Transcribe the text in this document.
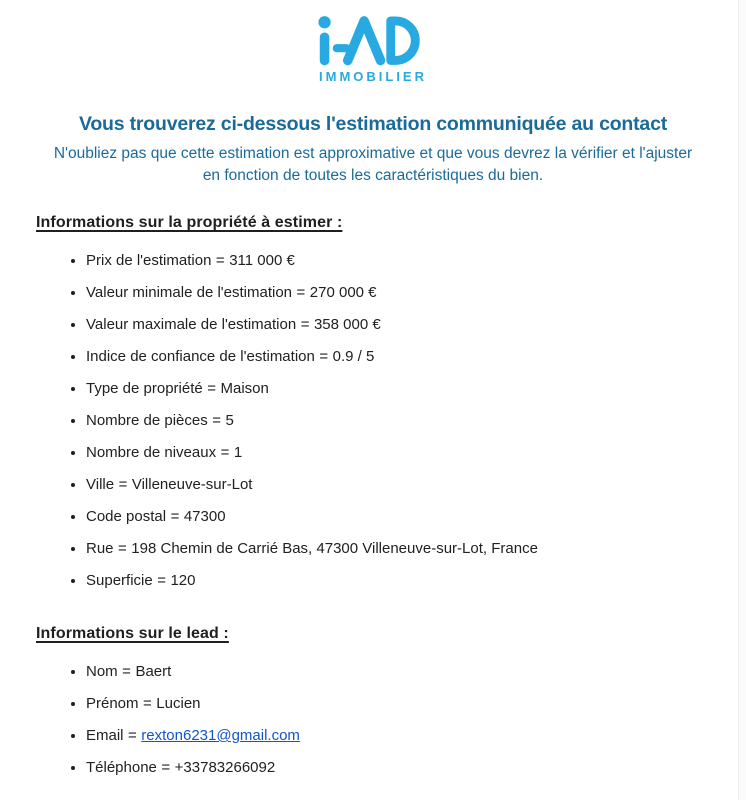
IMMOBILIER
Vous trouverez ci-dessous l'estimation communiquée au contact

N'oubliez pas que cette estimation est approximative et que vous devrez la vérifier et l'ajuster
en fonction de toutes les caractéristiques du bien.

Informations sur la propriété à estimer :
• Prix de l'estimation = 311 000 €
• Valeur minimale de l'estimation = 270 000 €
• Valeur maximale de l'estimation = 358 000 €
• Indice de confiance de l'estimation = 0.9 / 5
• Type de propriété = Maison
• Nombre de pièces = 5
• Nombre de niveaux = 1
• Ville = Villeneuve-sur-Lot
• Code postal = 47300
• Rue = 198 Chemin de Carrié Bas, 47300 Villeneuve-sur-Lot, France
• Superficie = 120
Informations sur le lead :
• Nom = Baert
• Prénom = Lucien
• Email = rexton6231@gmail.com
• Téléphone = +33783266092
